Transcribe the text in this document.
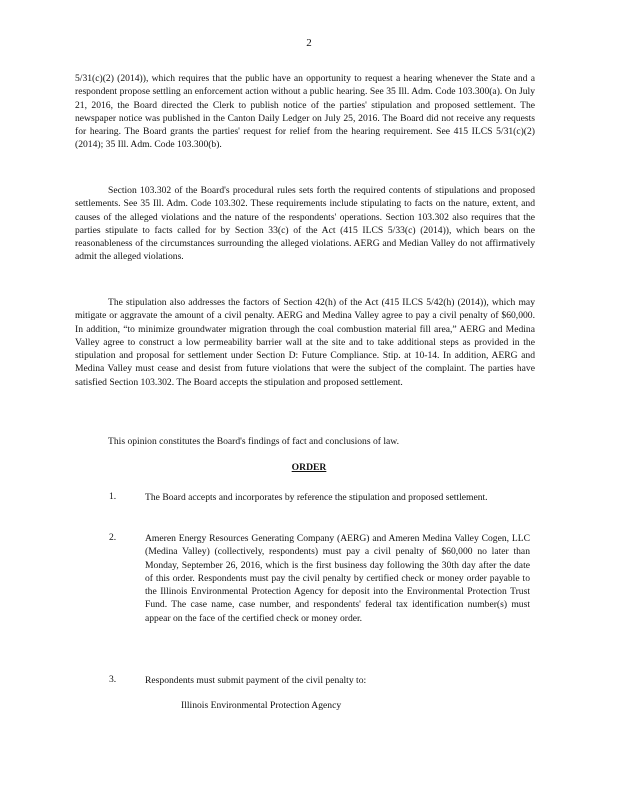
2

5/31(c)(2) (2014)), which requires that the public have an opportunity to request a hearing whenever the State and a respondent propose settling an enforcement action without a public hearing. See 35 Ill. Adm. Code 103.300(a). On July 21, 2016, the Board directed the Clerk to publish notice of the parties' stipulation and proposed settlement. The newspaper notice was published in the Canton Daily Ledger on July 25, 2016. The Board did not receive any requests for hearing. The Board grants the parties' request for relief from the hearing requirement. See 415 ILCS 5/31(c)(2) (2014); 35 Ill. Adm. Code 103.300(b).

Section 103.302 of the Board's procedural rules sets forth the required contents of stipulations and proposed settlements. See 35 Ill. Adm. Code 103.302. These requirements include stipulating to facts on the nature, extent, and causes of the alleged violations and the nature of the respondents' operations. Section 103.302 also requires that the parties stipulate to facts called for by Section 33(c) of the Act (415 ILCS 5/33(c) (2014)), which bears on the reasonableness of the circumstances surrounding the alleged violations. AERG and Median Valley do not affirmatively admit the alleged violations.

The stipulation also addresses the factors of Section 42(h) of the Act (415 ILCS 5/42(h) (2014)), which may mitigate or aggravate the amount of a civil penalty. AERG and Medina Valley agree to pay a civil penalty of $60,000. In addition, “to minimize groundwater migration through the coal combustion material fill area,” AERG and Medina Valley agree to construct a low permeability barrier wall at the site and to take additional steps as provided in the stipulation and proposal for settlement under Section D: Future Compliance. Stip. at 10-14. In addition, AERG and Medina Valley must cease and desist from future violations that were the subject of the complaint. The parties have satisfied Section 103.302. The Board accepts the stipulation and proposed settlement.

This opinion constitutes the Board's findings of fact and conclusions of law.

ORDER
1.	The Board accepts and incorporates by reference the stipulation and proposed settlement.

2.	Ameren Energy Resources Generating Company (AERG) and Ameren Medina Valley Cogen, LLC (Medina Valley) (collectively, respondents) must pay a civil penalty of $60,000 no later than Monday, September 26, 2016, which is the first business day following the 30th day after the date of this order. Respondents must pay the civil penalty by certified check or money order payable to the Illinois Environmental Protection Agency for deposit into the Environmental Protection Trust Fund. The case name, case number, and respondents' federal tax identification number(s) must appear on the face of the certified check or money order.

3.	Respondents must submit payment of the civil penalty to:

Illinois Environmental Protection Agency
